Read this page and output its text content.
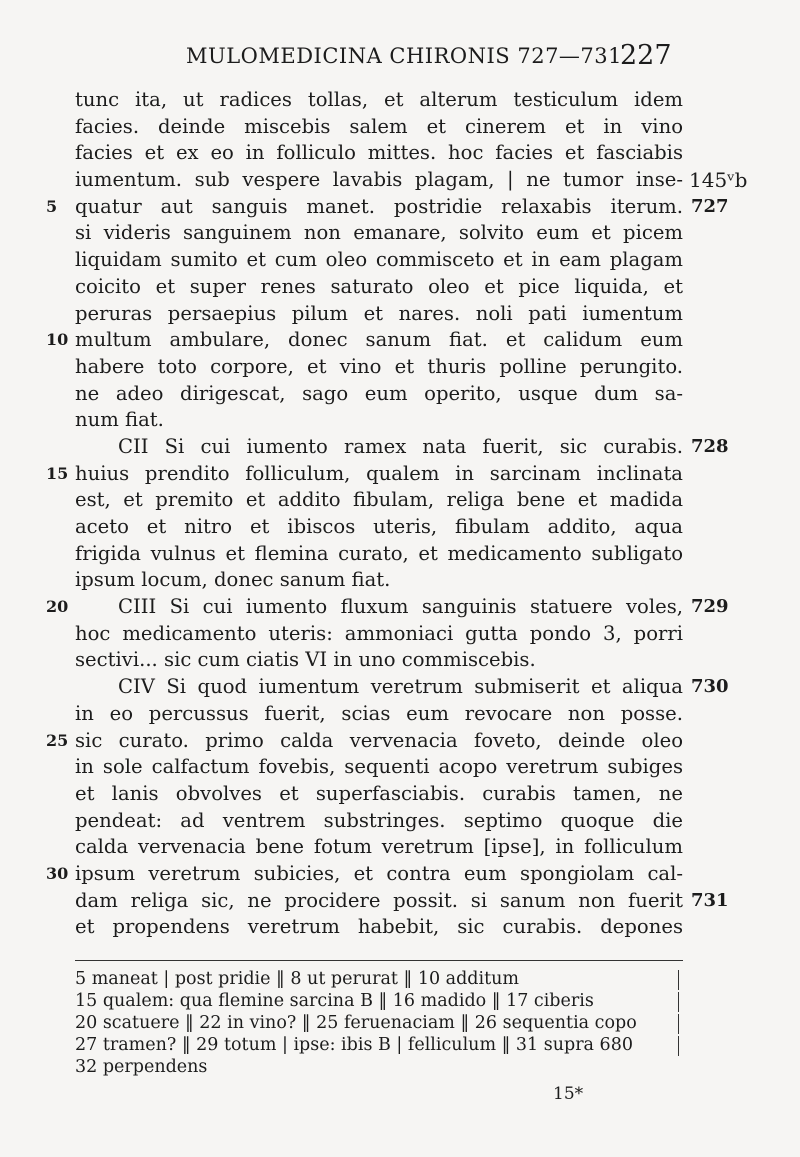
MULOMEDICINA CHIRONIS 727—731
227
tunc ita, ut radices tollas, et alterum testiculum idem
facies. deinde miscebis salem et cinerem et in vino
facies et ex eo in folliculo mittes. hoc facies et fasciabis
iumentum. sub vespere lavabis plagam, | ne tumor inse- 145ᵛb
5 quatur aut sanguis manet. postridie relaxabis iterum. 727
si videris sanguinem non emanare, solvito eum et picem
liquidam sumito et cum oleo commisceto et in eam plagam
coicito et super renes saturato oleo et pice liquida, et
peruras persaepius pilum et nares. noli pati iumentum
10 multum ambulare, donec sanum fiat. et calidum eum
habere toto corpore, et vino et thuris polline perungito.
ne adeo dirigescat, sago eum operito, usque dum sa-
num fiat.
CII Si cui iumento ramex nata fuerit, sic curabis. 728
15 huius prendito folliculum, qualem in sarcinam inclinata
est, et premito et addito fibulam, religa bene et madida
aceto et nitro et ibiscos uteris, fibulam addito, aqua
frigida vulnus et flemina curato, et medicamento subligato
ipsum locum, donec sanum fiat.
20	CIII Si cui iumento fluxum sanguinis statuere voles, 729
hoc medicamento uteris: ammoniaci gutta pondo 3, porri
sectivi... sic cum ciatis VI in uno commiscebis.
CIV Si quod iumentum veretrum submiserit et aliqua 730
in eo percussus fuerit, scias eum revocare non posse.
25 sic curato. primo calda vervenacia foveto, deinde oleo
in sole calfactum fovebis, sequenti acopo veretrum subiges
et lanis obvolves et superfasciabis. curabis tamen, ne
pendeat: ad ventrem substringes. septimo quoque die
calda vervenacia bene fotum veretrum [ipse], in folliculum
30 ipsum veretrum subicies, et contra eum spongiolam cal-
dam religa sic, ne procidere possit. si sanum non fuerit 731
et propendens veretrum habebit, sic curabis. depones
5 maneat | post pridie ‖ 8 ut perurat ‖ 10 additum
15 qualem: qua flemine sarcina B ‖ 16 madido ‖ 17 ciberis
20 scatuere ‖ 22 in vino? ‖ 25 feruenaciam ‖ 26 sequentia copo
27 tramen? ‖ 29 totum | ipse: ibis B | felliculum ‖ 31 supra 680
32 perpendens
15*
